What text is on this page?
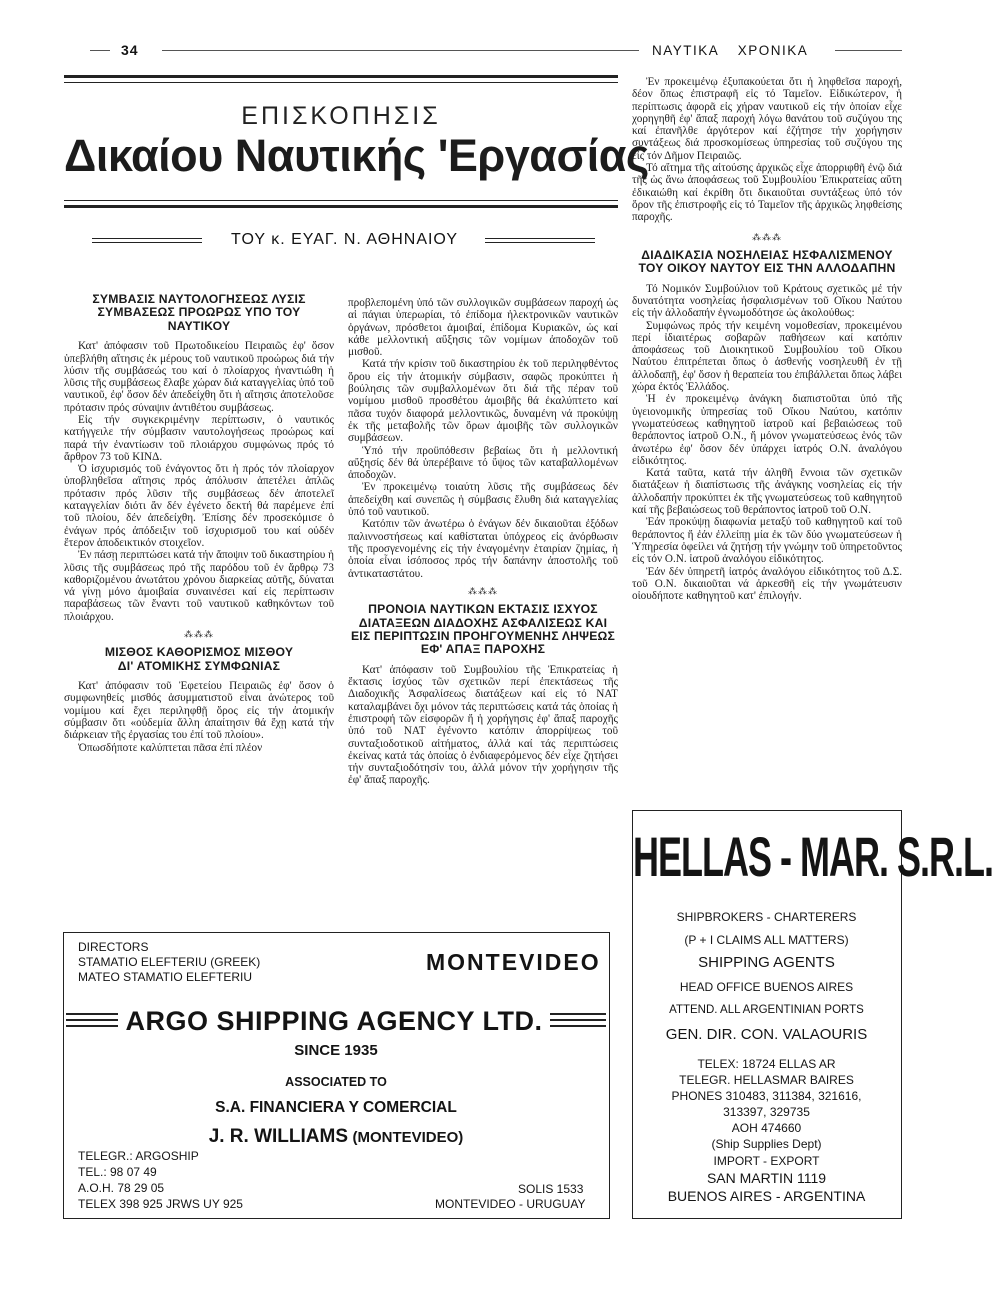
34	ΝΑΥΤΙΚΑ ΧΡΟΝΙΚΑ
ΕΠΙΣΚΟΠΗΣΙΣ
Δικαίου Ναυτικής 'Εργασίας
ΤΟΥ κ. ΕΥΑΓ. Ν. ΑΘΗΝΑΙΟΥ
ΣΥΜΒΑΣΙΣ ΝΑΥΤΟΛΟΓΗΣΕΩΣ ΛΥΣΙΣ ΣΥΜΒΑΣΕΩΣ ΠΡΟΩΡΩΣ ΥΠΟ ΤΟΥ ΝΑΥΤΙΚΟΥ

Κατ' ἀπόφασιν τοῦ Πρωτοδικείου Πειραιῶς ἐφ' ὅσον ὑπεβλήθη αἴτησις ἐκ μέρους τοῦ ναυτικοῦ προώρως διά τήν λύσιν τῆς συμβάσεώς του καί ὁ πλοίαρχος ἠναντιώθη ἡ λῦσις τῆς συμβάσεως ἔλαβε χώραν διά καταγγελίας ὑπό τοῦ ναυτικοῦ, ἐφ' ὅσον δέν ἀπεδείχθη ὅτι ἡ αἴτησις ἀποτελοῦσε πρότασιν πρός σύναψιν ἀντιθέτου συμβάσεως.

Εἰς τήν συγκεκριμένην περίπτωσιν, ὁ ναυτικός κατήγγειλε τήν σύμβασιν ναυτολογήσεως προώρως καί παρά τήν ἐναντίωσιν τοῦ πλοιάρχου συμφώνως πρός τό ἄρθρον 73 τοῦ ΚΙΝΔ.

Ὁ ἰσχυρισμός τοῦ ἐνάγοντος ὅτι ἡ πρός τόν πλοίαρχον ὑποβληθεῖσα αἴτησις πρός ἀπόλυσιν ἀπετέλει ἁπλῶς πρότασιν πρός λῦσιν τῆς συμβάσεως δέν ἀποτελεῖ καταγγελίαν διότι ἄν δέν ἐγένετο δεκτή θά παρέμενε ἐπί τοῦ πλοίου, δέν ἀπεδείχθη. Ἐπίσης δέν προσεκόμισε ὁ ἐνάγων πρός ἀπόδειξιν τοῦ ἰσχυρισμοῦ του καί οὐδέν ἕτερον ἀποδεικτικόν στοιχεῖον.

Ἐν πάσῃ περιπτώσει κατά τήν ἄποψιν τοῦ δικαστηρίου ἡ λῦσις τῆς συμβάσεως πρό τῆς παρόδου τοῦ ἐν ἄρθρῳ 73 καθοριζομένου ἀνωτάτου χρόνου διαρκείας αὐτῆς, δύναται νά γίνῃ μόνο ἀμοιβαία συναινέσει καί εἰς περίπτωσιν παραβάσεως τῶν ἔναντι τοῦ ναυτικοῦ καθηκόντων τοῦ πλοιάρχου.

⁂⁂⁂
ΜΙΣΘΟΣ ΚΑΘΟΡΙΣΜΟΣ ΜΙΣΘΟΥ ΔΙ' ΑΤΟΜΙΚΗΣ ΣΥΜΦΩΝΙΑΣ

Κατ' ἀπόφασιν τοῦ Ἐφετείου Πειραιῶς ἐφ' ὅσον ὁ συμφωνηθείς μισθός ἀσυμματιστοῦ εἶναι ἀνώτερος τοῦ νομίμου καί ἔχει περιληφθῇ ὅρος εἰς τήν ἀτομικήν σύμβασιν ὅτι «οὐδεμία ἄλλη ἀπαίτησιν θά ἔχῃ κατά τήν διάρκειαν τῆς ἐργασίας του ἐπί τοῦ πλοίου».

Ὁπωσδήποτε καλύπτεται πᾶσα ἐπί πλέον

προβλεπομένη ὑπό τῶν συλλογικῶν συμβάσεων παροχή ὡς αἱ πάγιαι ὑπερωρίαι, τό ἐπίδομα ἠλεκτρονικῶν ναυτικῶν ὀργάνων, πρόσθετοι ἀμοιβαί, ἐπίδομα Κυριακῶν, ὡς καί κάθε μελλοντική αὔξησις τῶν νομίμων ἀποδοχῶν τοῦ μισθοῦ.

Κατά τήν κρίσιν τοῦ δικαστηρίου ἐκ τοῦ περιληφθέντος ὅρου εἰς τήν ἀτομικήν σύμβασιν, σαφῶς προκύπτει ἡ βούλησις τῶν συμβαλλομένων ὅτι διά τῆς πέραν τοῦ νομίμου μισθοῦ προσθέτου ἀμοιβῆς θά ἐκαλύπτετο καί πᾶσα τυχόν διαφορά μελλοντικῶς, δυναμένη νά προκύψῃ ἐκ τῆς μεταβολῆς τῶν ὅρων ἀμοιβῆς τῶν συλλογικῶν συμβάσεων.

Ὑπό τήν προϋπόθεσιν βεβαίως ὅτι ἡ μελλοντική αὔξησίς δέν θά ὑπερέβαινε τό ὕψος τῶν καταβαλλομένων ἀποδοχῶν.

Ἐν προκειμένῳ τοιαύτη λῦσις τῆς συμβάσεως δέν ἀπεδείχθη καί συνεπῶς ἡ σύμβασις ἔλυθη διά καταγγελίας ὑπό τοῦ ναυτικοῦ.

Κατόπιν τῶν ἀνωτέρω ὁ ἐνάγων δέν δικαιοῦται ἐξόδων παλιννοστήσεως καί καθίσταται ὑπόχρεος εἰς ἀνόρθωσιν τῆς προσγενομένης εἰς τήν ἐναγομένην ἑταιρίαν ζημίας, ἡ ὁποία εἶναι ἰσόποσος πρός τήν δαπάνην ἀποστολῆς τοῦ ἀντικαταστάτου.

⁂⁂⁂
ΠΡΟΝΟΙΑ ΝΑΥΤΙΚΩΝ ΕΚΤΑΣΙΣ ΙΣΧΥΟΣ ΔΙΑΤΑΞΕΩΝ ΔΙΑΔΟΧΗΣ ΑΣΦΑΛΙΣΕΩΣ ΚΑΙ ΕΙΣ ΠΕΡΙΠΤΩΣΙΝ ΠΡΟΗΓΟΥΜΕΝΗΣ ΛΗΨΕΩΣ ΕΦ' ΑΠΑΞ ΠΑΡΟΧΗΣ

Κατ' ἀπόφασιν τοῦ Συμβουλίου τῆς Ἐπικρατείας ἡ ἔκτασις ἰσχύος τῶν σχετικῶν περί ἐπεκτάσεως τῆς Διαδοχικῆς Ἀσφαλίσεως διατάξεων καί εἰς τό ΝΑΤ καταλαμβάνει ὄχι μόνον τάς περιπτώσεις κατά τάς ὁποίας ἡ ἐπιστροφή τῶν εἰσφορῶν ἤ ἡ χορήγησις ἐφ' ἅπαξ παροχῆς ὑπό τοῦ ΝΑΤ ἐγένοντο κατόπιν ἀπορρίψεως τοῦ συνταξιοδοτικοῦ αἰτήματος, ἀλλά καί τάς περιπτώσεις ἐκείνας κατά τάς ὁποίας ὁ ἐνδιαφερόμενος δέν εἶχε ζητήσει τήν συνταξιοδότησίν του, ἀλλά μόνον τήν χορήγησιν τῆς ἐφ' ἅπαξ παροχῆς.

Ἐν προκειμένῳ ἐξυπακούεται ὅτι ἡ ληφθεῖσα παροχή, δέον ὅπως ἐπιστραφῆ εἰς τό Ταμεῖον. Εἰδικώτερον, ἡ περίπτωσις ἀφορᾶ εἰς χήραν ναυτικοῦ εἰς τήν ὁποίαν εἶχε χορηγηθῆ ἐφ' ἅπαξ παροχή λόγω θανάτου τοῦ συζύγου της καί ἐπανῆλθε ἀργότερον καί ἐζήτησε τήν χορήγησιν συντάξεως διά προσκομίσεως ὑπηρεσίας τοῦ συζύγου της εἰς τόν Δῆμον Πειραιῶς.

Τό αἴτημα τῆς αἰτούσης ἀρχικῶς εἶχε ἀπορριφθῆ ἐνῷ διά τῆς ὡς ἄνω ἀποφάσεως τοῦ Συμβουλίου Ἐπικρατείας αὕτη ἐδικαιώθη καί ἐκρίθη ὅτι δικαιοῦται συντάξεως ὑπό τόν ὅρον τῆς ἐπιστροφῆς εἰς τό Ταμεῖον τῆς ἀρχικῶς ληφθείσης παροχῆς.

⁂⁂⁂
ΔΙΑΔΙΚΑΣΙΑ ΝΟΣΗΛΕΙΑΣ ΗΣΦΑΛΙΣΜΕΝΟΥ ΤΟΥ ΟΙΚΟΥ ΝΑΥΤΟΥ ΕΙΣ ΤΗΝ ΑΛΛΟΔΑΠΗΝ

Τό Νομικόν Συμβούλιον τοῦ Κράτους σχετικῶς μέ τήν δυνατότητα νοσηλείας ἠσφαλισμένων τοῦ Οἴκου Ναύτου εἰς τήν ἀλλοδαπήν ἐγνωμοδότησε ὡς ἀκολούθως:

Συμφώνως πρός τήν κειμένη νομοθεσίαν, προκειμένου περί ἰδιαιτέρως σοβαρῶν παθήσεων καί κατόπιν ἀποφάσεως τοῦ Διοικητικοῦ Συμβουλίου τοῦ Οἴκου Ναύτου ἐπιτρέπεται ὅπως ὁ ἀσθενής νοσηλευθῆ ἐν τῇ ἀλλοδαπῇ, ἐφ' ὅσον ἡ θεραπεία του ἐπιβάλλεται ὅπως λάβει χώρα ἐκτός Ἑλλάδος.

Ἡ ἐν προκειμένῳ ἀνάγκη διαπιστοῦται ὑπό τῆς ὑγειονομικῆς ὑπηρεσίας τοῦ Οἴκου Ναύτου, κατόπιν γνωματεύσεως καθηγητοῦ ἰατροῦ καί βεβαιώσεως τοῦ θεράποντος ἰατροῦ Ο.Ν., ἤ μόνον γνωματεύσεως ἑνός τῶν ἀνωτέρω ἐφ' ὅσον δέν ὑπάρχει ἰατρός Ο.Ν. ἀναλόγου εἰδικότητος.

Κατά ταῦτα, κατά τήν ἀληθῆ ἔννοια τῶν σχετικῶν διατάξεων ἡ διαπίστωσις τῆς ἀνάγκης νοσηλείας εἰς τήν ἀλλοδαπήν προκύπτει ἐκ τῆς γνωματεύσεως τοῦ καθηγητοῦ καί τῆς βεβαιώσεως τοῦ θεράποντος ἰατροῦ τοῦ Ο.Ν.

Ἐάν προκύψῃ διαφωνία μεταξύ τοῦ καθηγητοῦ καί τοῦ θεράποντος ἤ ἐάν ἐλλείπῃ μία ἐκ τῶν δύο γνωματεύσεων ἡ Ὑπηρεσία ὀφείλει νά ζητήσῃ τήν γνώμην τοῦ ὑπηρετοῦντος εἰς τόν Ο.Ν. ἰατροῦ ἀναλόγου εἰδικότητος.

Ἐάν δέν ὑπηρετῆ ἰατρός ἀναλόγου εἰδικότητος τοῦ Δ.Σ. τοῦ Ο.Ν. δικαιοῦται νά ἀρκεσθῆ εἰς τήν γνωμάτευσιν οἱουδήποτε καθηγητοῦ κατ' ἐπιλογήν.

DIRECTORS
STAMATIO ELEFTERIU (GREEK)
MATEO STAMATIO ELEFTERIU
MONTEVIDEO
ARGO SHIPPING AGENCY LTD.
SINCE 1935
ASSOCIATED TO
S.A. FINANCIERA Y COMERCIAL
J. R. WILLIAMS (MONTEVIDEO)
TELEGR.: ARGOSHIP
TEL.: 98 07 49
A.O.H. 78 29 05
TELEX 398 925 JRWS UY 925
SOLIS 1533
MONTEVIDEO - URUGUAY
HELLAS - MAR. S.R.L.
SHIPBROKERS - CHARTERERS
(P + I CLAIMS ALL MATTERS)
SHIPPING AGENTS
HEAD OFFICE BUENOS AIRES
ATTEND. ALL ARGENTINIAN PORTS
GEN. DIR. CON. VALAOURIS
TELEX: 18724 ELLAS AR
TELEGR. HELLASMAR BAIRES
PHONES 310483, 311384, 321616,
313397, 329735
AOH 474660
(Ship Supplies Dept)
IMPORT - EXPORT
SAN MARTIN 1119
BUENOS AIRES - ARGENTINA
